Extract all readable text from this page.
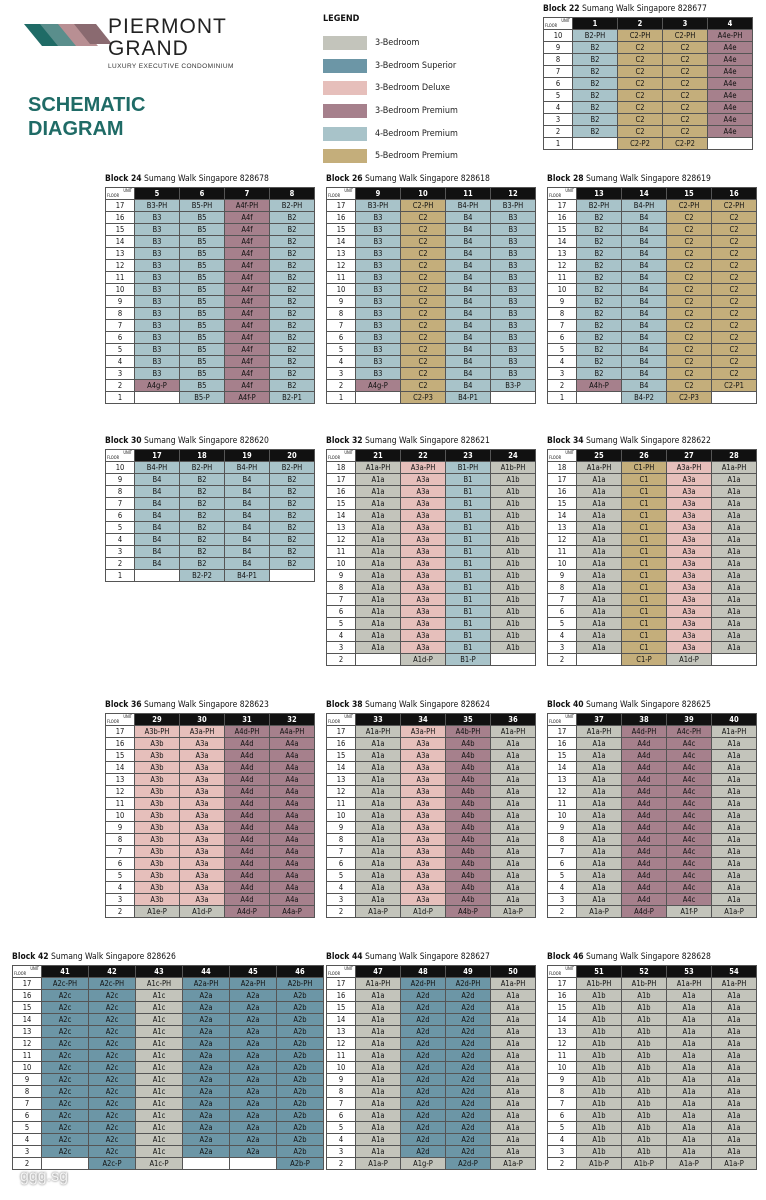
PIERMONT
GRAND
LUXURY EXECUTIVE CONDOMINIUM
SCHEMATIC
DIAGRAM
LEGEND
3-Bedroom
3-Bedroom Superior
3-Bedroom Deluxe
3-Bedroom Premium
4-Bedroom Premium
5-Bedroom Premium
Block 22 Sumang Walk Singapore 828677
UNIT
FLOOR	1	2	3	4
10	B2-PH	C2-PH	C2-PH	A4e-PH
9	B2	C2	C2	A4e
8	B2	C2	C2	A4e
7	B2	C2	C2	A4e
6	B2	C2	C2	A4e
5	B2	C2	C2	A4e
4	B2	C2	C2	A4e
3	B2	C2	C2	A4e
2	B2	C2	C2	A4e
1		C2-P2	C2-P2	
Block 24 Sumang Walk Singapore 828678
UNIT
FLOOR	5	6	7	8
17	B3-PH	B5-PH	A4f-PH	B2-PH
16	B3	B5	A4f	B2
15	B3	B5	A4f	B2
14	B3	B5	A4f	B2
13	B3	B5	A4f	B2
12	B3	B5	A4f	B2
11	B3	B5	A4f	B2
10	B3	B5	A4f	B2
9	B3	B5	A4f	B2
8	B3	B5	A4f	B2
7	B3	B5	A4f	B2
6	B3	B5	A4f	B2
5	B3	B5	A4f	B2
4	B3	B5	A4f	B2
3	B3	B5	A4f	B2
2	A4g-P	B5	A4f	B2
1		B5-P	A4f-P	B2-P1
Block 26 Sumang Walk Singapore 828618
UNIT
FLOOR	9	10	11	12
17	B3-PH	C2-PH	B4-PH	B3-PH
16	B3	C2	B4	B3
15	B3	C2	B4	B3
14	B3	C2	B4	B3
13	B3	C2	B4	B3
12	B3	C2	B4	B3
11	B3	C2	B4	B3
10	B3	C2	B4	B3
9	B3	C2	B4	B3
8	B3	C2	B4	B3
7	B3	C2	B4	B3
6	B3	C2	B4	B3
5	B3	C2	B4	B3
4	B3	C2	B4	B3
3	B3	C2	B4	B3
2	A4g-P	C2	B4	B3-P
1		C2-P3	B4-P1	
Block 28 Sumang Walk Singapore 828619
UNIT
FLOOR	13	14	15	16
17	B2-PH	B4-PH	C2-PH	C2-PH
16	B2	B4	C2	C2
15	B2	B4	C2	C2
14	B2	B4	C2	C2
13	B2	B4	C2	C2
12	B2	B4	C2	C2
11	B2	B4	C2	C2
10	B2	B4	C2	C2
9	B2	B4	C2	C2
8	B2	B4	C2	C2
7	B2	B4	C2	C2
6	B2	B4	C2	C2
5	B2	B4	C2	C2
4	B2	B4	C2	C2
3	B2	B4	C2	C2
2	A4h-P	B4	C2	C2-P1
1		B4-P2	C2-P3	
Block 30 Sumang Walk Singapore 828620
UNIT
FLOOR	17	18	19	20
10	B4-PH	B2-PH	B4-PH	B2-PH
9	B4	B2	B4	B2
8	B4	B2	B4	B2
7	B4	B2	B4	B2
6	B4	B2	B4	B2
5	B4	B2	B4	B2
4	B4	B2	B4	B2
3	B4	B2	B4	B2
2	B4	B2	B4	B2
1		B2-P2	B4-P1	
Block 32 Sumang Walk Singapore 828621
UNIT
FLOOR	21	22	23	24
18	A1a-PH	A3a-PH	B1-PH	A1b-PH
17	A1a	A3a	B1	A1b
16	A1a	A3a	B1	A1b
15	A1a	A3a	B1	A1b
14	A1a	A3a	B1	A1b
13	A1a	A3a	B1	A1b
12	A1a	A3a	B1	A1b
11	A1a	A3a	B1	A1b
10	A1a	A3a	B1	A1b
9	A1a	A3a	B1	A1b
8	A1a	A3a	B1	A1b
7	A1a	A3a	B1	A1b
6	A1a	A3a	B1	A1b
5	A1a	A3a	B1	A1b
4	A1a	A3a	B1	A1b
3	A1a	A3a	B1	A1b
2		A1d-P	B1-P	
Block 34 Sumang Walk Singapore 828622
UNIT
FLOOR	25	26	27	28
18	A1a-PH	C1-PH	A3a-PH	A1a-PH
17	A1a	C1	A3a	A1a
16	A1a	C1	A3a	A1a
15	A1a	C1	A3a	A1a
14	A1a	C1	A3a	A1a
13	A1a	C1	A3a	A1a
12	A1a	C1	A3a	A1a
11	A1a	C1	A3a	A1a
10	A1a	C1	A3a	A1a
9	A1a	C1	A3a	A1a
8	A1a	C1	A3a	A1a
7	A1a	C1	A3a	A1a
6	A1a	C1	A3a	A1a
5	A1a	C1	A3a	A1a
4	A1a	C1	A3a	A1a
3	A1a	C1	A3a	A1a
2		C1-P	A1d-P	
Block 36 Sumang Walk Singapore 828623
UNIT
FLOOR	29	30	31	32
17	A3b-PH	A3a-PH	A4d-PH	A4a-PH
16	A3b	A3a	A4d	A4a
15	A3b	A3a	A4d	A4a
14	A3b	A3a	A4d	A4a
13	A3b	A3a	A4d	A4a
12	A3b	A3a	A4d	A4a
11	A3b	A3a	A4d	A4a
10	A3b	A3a	A4d	A4a
9	A3b	A3a	A4d	A4a
8	A3b	A3a	A4d	A4a
7	A3b	A3a	A4d	A4a
6	A3b	A3a	A4d	A4a
5	A3b	A3a	A4d	A4a
4	A3b	A3a	A4d	A4a
3	A3b	A3a	A4d	A4a
2	A1e-P	A1d-P	A4d-P	A4a-P
Block 38 Sumang Walk Singapore 828624
UNIT
FLOOR	33	34	35	36
17	A1a-PH	A3a-PH	A4b-PH	A1a-PH
16	A1a	A3a	A4b	A1a
15	A1a	A3a	A4b	A1a
14	A1a	A3a	A4b	A1a
13	A1a	A3a	A4b	A1a
12	A1a	A3a	A4b	A1a
11	A1a	A3a	A4b	A1a
10	A1a	A3a	A4b	A1a
9	A1a	A3a	A4b	A1a
8	A1a	A3a	A4b	A1a
7	A1a	A3a	A4b	A1a
6	A1a	A3a	A4b	A1a
5	A1a	A3a	A4b	A1a
4	A1a	A3a	A4b	A1a
3	A1a	A3a	A4b	A1a
2	A1a-P	A1d-P	A4b-P	A1a-P
Block 40 Sumang Walk Singapore 828625
UNIT
FLOOR	37	38	39	40
17	A1a-PH	A4d-PH	A4c-PH	A1a-PH
16	A1a	A4d	A4c	A1a
15	A1a	A4d	A4c	A1a
14	A1a	A4d	A4c	A1a
13	A1a	A4d	A4c	A1a
12	A1a	A4d	A4c	A1a
11	A1a	A4d	A4c	A1a
10	A1a	A4d	A4c	A1a
9	A1a	A4d	A4c	A1a
8	A1a	A4d	A4c	A1a
7	A1a	A4d	A4c	A1a
6	A1a	A4d	A4c	A1a
5	A1a	A4d	A4c	A1a
4	A1a	A4d	A4c	A1a
3	A1a	A4d	A4c	A1a
2	A1a-P	A4d-P	A1f-P	A1a-P
Block 42 Sumang Walk Singapore 828626
UNIT
FLOOR	41	42	43	44	45	46
17	A2c-PH	A2c-PH	A1c-PH	A2a-PH	A2a-PH	A2b-PH
16	A2c	A2c	A1c	A2a	A2a	A2b
15	A2c	A2c	A1c	A2a	A2a	A2b
14	A2c	A2c	A1c	A2a	A2a	A2b
13	A2c	A2c	A1c	A2a	A2a	A2b
12	A2c	A2c	A1c	A2a	A2a	A2b
11	A2c	A2c	A1c	A2a	A2a	A2b
10	A2c	A2c	A1c	A2a	A2a	A2b
9	A2c	A2c	A1c	A2a	A2a	A2b
8	A2c	A2c	A1c	A2a	A2a	A2b
7	A2c	A2c	A1c	A2a	A2a	A2b
6	A2c	A2c	A1c	A2a	A2a	A2b
5	A2c	A2c	A1c	A2a	A2a	A2b
4	A2c	A2c	A1c	A2a	A2a	A2b
3	A2c	A2c	A1c	A2a	A2a	A2b
2		A2c-P	A1c-P			A2b-P
Block 44 Sumang Walk Singapore 828627
UNIT
FLOOR	47	48	49	50
17	A1a-PH	A2d-PH	A2d-PH	A1a-PH
16	A1a	A2d	A2d	A1a
15	A1a	A2d	A2d	A1a
14	A1a	A2d	A2d	A1a
13	A1a	A2d	A2d	A1a
12	A1a	A2d	A2d	A1a
11	A1a	A2d	A2d	A1a
10	A1a	A2d	A2d	A1a
9	A1a	A2d	A2d	A1a
8	A1a	A2d	A2d	A1a
7	A1a	A2d	A2d	A1a
6	A1a	A2d	A2d	A1a
5	A1a	A2d	A2d	A1a
4	A1a	A2d	A2d	A1a
3	A1a	A2d	A2d	A1a
2	A1a-P	A1g-P	A2d-P	A1a-P
Block 46 Sumang Walk Singapore 828628
UNIT
FLOOR	51	52	53	54
17	A1b-PH	A1b-PH	A1a-PH	A1a-PH
16	A1b	A1b	A1a	A1a
15	A1b	A1b	A1a	A1a
14	A1b	A1b	A1a	A1a
13	A1b	A1b	A1a	A1a
12	A1b	A1b	A1a	A1a
11	A1b	A1b	A1a	A1a
10	A1b	A1b	A1a	A1a
9	A1b	A1b	A1a	A1a
8	A1b	A1b	A1a	A1a
7	A1b	A1b	A1a	A1a
6	A1b	A1b	A1a	A1a
5	A1b	A1b	A1a	A1a
4	A1b	A1b	A1a	A1a
3	A1b	A1b	A1a	A1a
2	A1b-P	A1b-P	A1a-P	A1a-P
ggg.sg
